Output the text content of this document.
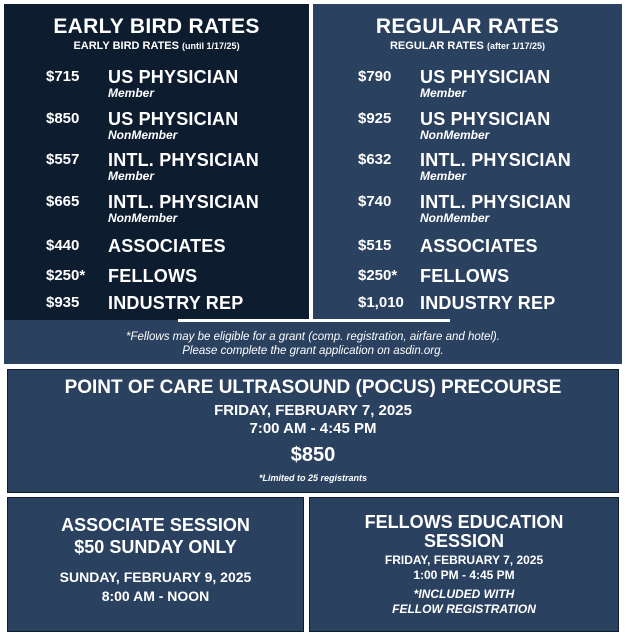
EARLY BIRD RATES
EARLY BIRD RATES (until 1/17/25)
$715 US PHYSICIAN
Member
$850 US PHYSICIAN
NonMember
$557 INTL. PHYSICIAN
Member
$665 INTL. PHYSICIAN
NonMember
$440 ASSOCIATES
$250* FELLOWS
$935 INDUSTRY REP
REGULAR RATES
REGULAR RATES (after 1/17/25)
$790 US PHYSICIAN
Member
$925 US PHYSICIAN
NonMember
$632 INTL. PHYSICIAN
Member
$740 INTL. PHYSICIAN
NonMember
$515 ASSOCIATES
$250* FELLOWS
$1,010 INDUSTRY REP
*Fellows may be eligible for a grant (comp. registration, airfare and hotel).
Please complete the grant application on asdin.org.
POINT OF CARE ULTRASOUND (POCUS) PRECOURSE
FRIDAY, FEBRUARY 7, 2025
7:00 AM - 4:45 PM
$850
*Limited to 25 registrants
ASSOCIATE SESSION
$50 SUNDAY ONLY
SUNDAY, FEBRUARY 9, 2025
8:00 AM - NOON
FELLOWS EDUCATION
SESSION
FRIDAY, FEBRUARY 7, 2025
1:00 PM - 4:45 PM
*INCLUDED WITH
FELLOW REGISTRATION
